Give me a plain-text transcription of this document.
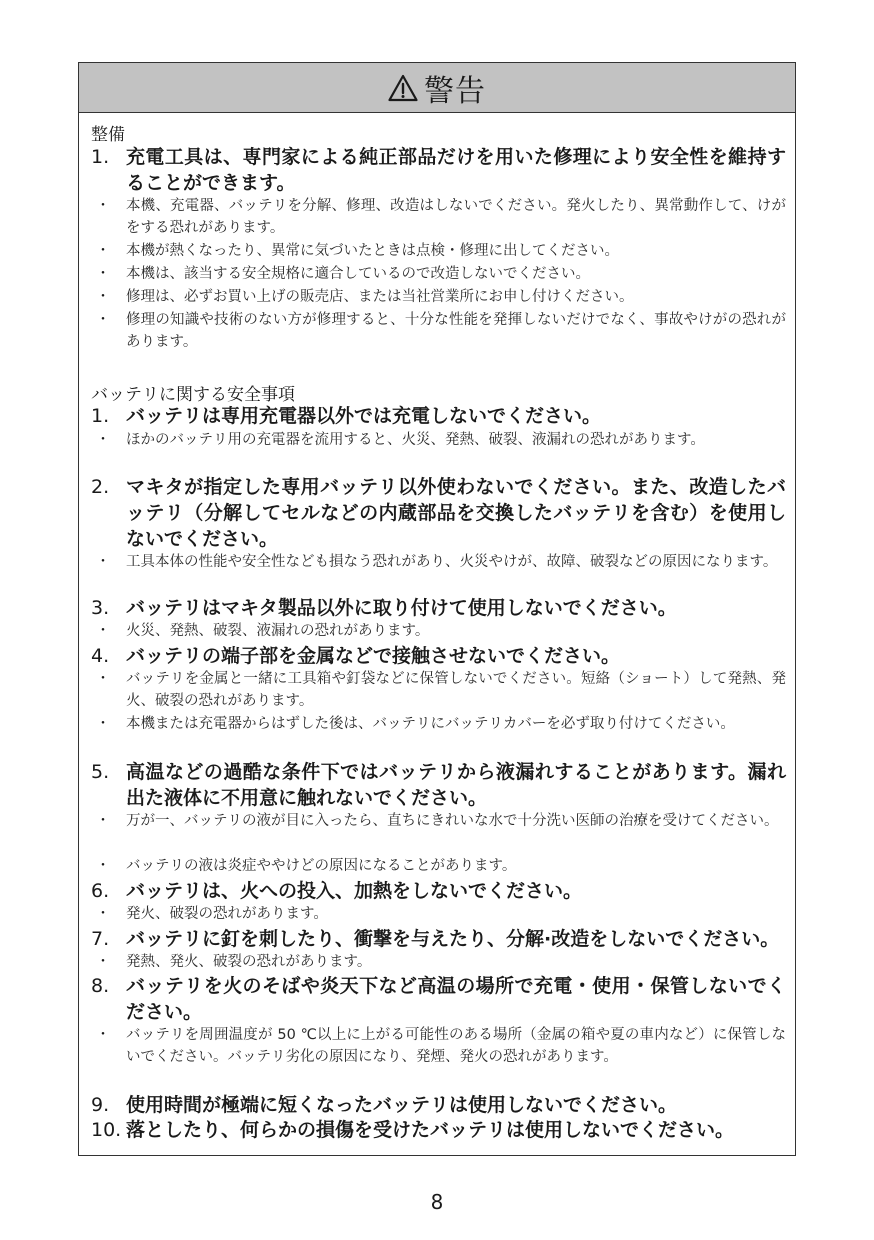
警告
整備
1. 充電工具は、専門家による純正部品だけを用いた修理により安全性を維持することができます。
・ 本機、充電器、バッテリを分解、修理、改造はしないでください。発火したり、異常動作して、けがをする恐れがあります。
・ 本機が熱くなったり、異常に気づいたときは点検・修理に出してください。
・ 本機は、該当する安全規格に適合しているので改造しないでください。
・ 修理は、必ずお買い上げの販売店、または当社営業所にお申し付けください。
・ 修理の知識や技術のない方が修理すると、十分な性能を発揮しないだけでなく、事故やけがの恐れがあります。
バッテリに関する安全事項
1. バッテリは専用充電器以外では充電しないでください。
・ ほかのバッテリ用の充電器を流用すると、火災、発熱、破裂、液漏れの恐れがあります。
2. マキタが指定した専用バッテリ以外使わないでください。また、改造したバッテリ（分解してセルなどの内蔵部品を交換したバッテリを含む）を使用しないでください。
・ 工具本体の性能や安全性なども損なう恐れがあり、火災やけが、故障、破裂などの原因になります。
3. バッテリはマキタ製品以外に取り付けて使用しないでください。
・ 火災、発熱、破裂、液漏れの恐れがあります。
4. バッテリの端子部を金属などで接触させないでください。
・ バッテリを金属と一緒に工具箱や釘袋などに保管しないでください。短絡（ショート）して発熱、発火、破裂の恐れがあります。
・ 本機または充電器からはずした後は、バッテリにバッテリカバーを必ず取り付けてください。
5. 高温などの過酷な条件下ではバッテリから液漏れすることがあります。漏れ出た液体に不用意に触れないでください。
・ 万が一、バッテリの液が目に入ったら、直ちにきれいな水で十分洗い医師の治療を受けてください。
・ バッテリの液は炎症ややけどの原因になることがあります。
6. バッテリは、火への投入、加熱をしないでください。
・ 発火、破裂の恐れがあります。
7. バッテリに釘を刺したり、衝撃を与えたり、分解·改造をしないでください。
・ 発熱、発火、破裂の恐れがあります。
8. バッテリを火のそばや炎天下など高温の場所で充電・使用・保管しないでください。
・ バッテリを周囲温度が 50 ℃以上に上がる可能性のある場所（金属の箱や夏の車内など）に保管しないでください。バッテリ劣化の原因になり、発煙、発火の恐れがあります。
9. 使用時間が極端に短くなったバッテリは使用しないでください。
10. 落としたり、何らかの損傷を受けたバッテリは使用しないでください。
8
